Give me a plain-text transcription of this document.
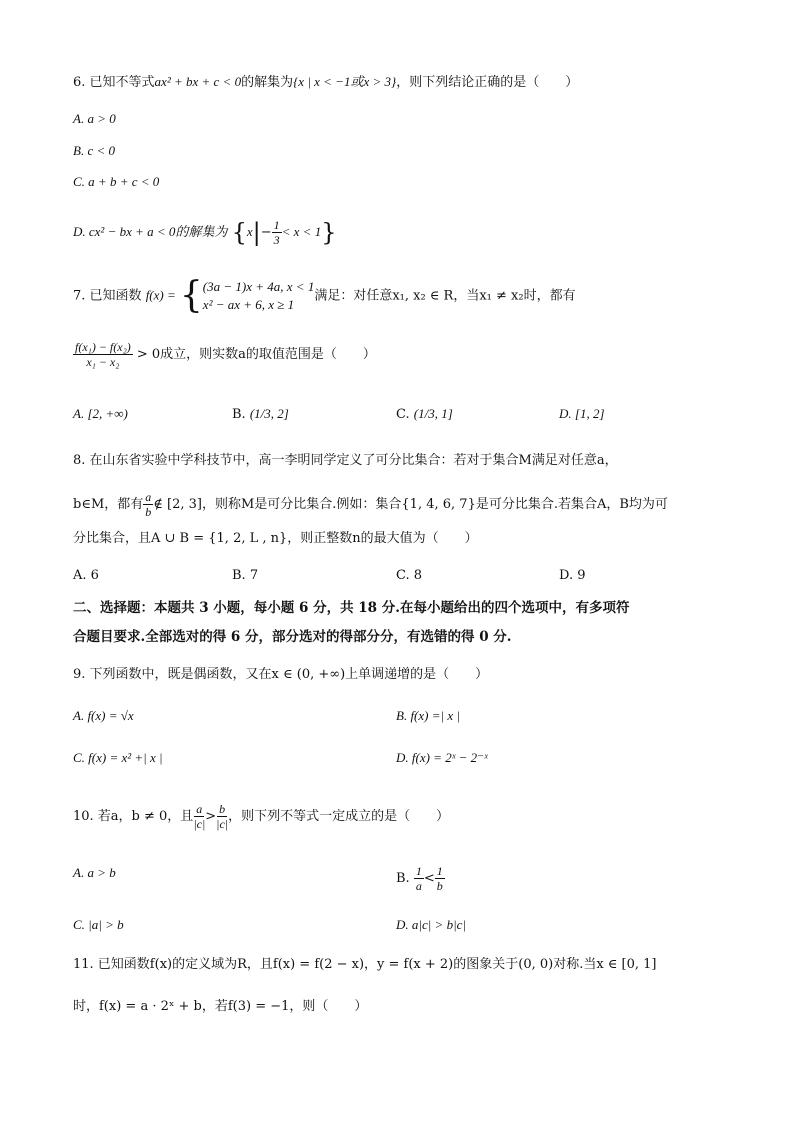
6. 已知不等式ax² + bx + c < 0的解集为{x | x < −1或x > 3}，则下列结论正确的是（　　）
A. a > 0
B. c < 0
C. a + b + c < 0
D. cx² − bx + a < 0的解集为 $\{x|- \frac{1}{3} < x < 1\}$
7. 已知函数 f(x) = { (3a − 1)x + 4a, x < 1
x² − ax + 6, x ≥ 1
满足：对任意x₁, x₂ ∈ R，当x₁ ≠ x₂时，都有
$\frac{\text{f(x₁) − f(x₂)}}{\text{x₁ − x₂}} > 0$成立，则实数a的取值范围是（　　）
A. [2, +∞)	B. (1/3, 2]	C. (1/3, 1]	D. [1, 2]
8. 在山东省实验中学科技节中，高一李明同学定义了可分比集合：若对于集合M满足对任意a，
b∈M，都有 $\frac{a}{b}$ ∉ [2, 3]，则称M是可分比集合.例如：集合{1, 4, 6, 7}是可分比集合.若集合A，B均为可
分比集合，且A ∪ B = {1, 2, L , n}，则正整数n的最大值为（　　）
A. 6	B. 7	C. 8	D. 9
二、选择题：本题共 3 小题，每小题 6 分，共 18 分.在每小题给出的四个选项中，有多项符
合题目要求.全部选对的得 6 分，部分选对的得部分分，有选错的得 0 分.
9. 下列函数中，既是偶函数，又在x ∈ (0, +∞)上单调递增的是（　　）
A. f(x) = √x	B. f(x) =| x |
C. f(x) = x² +| x |	D. f(x) = 2ˣ − 2⁻ˣ
10. 若a，b ≠ 0，且 $\frac{a}{|c|} > \frac{b}{|c|}$ ，则下列不等式一定成立的是（　　）
A. a > b	B. $\frac{1}{a} < \frac{1}{b}$
C. |a| > b	D. a|c| > b|c|
11. 已知函数f(x)的定义域为R，且f(x) = f(2 − x)，y = f(x + 2)的图象关于(0, 0)对称.当x ∈ [0, 1]
时，f(x) = a · 2ˣ + b，若f(3) = −1，则（　　）
